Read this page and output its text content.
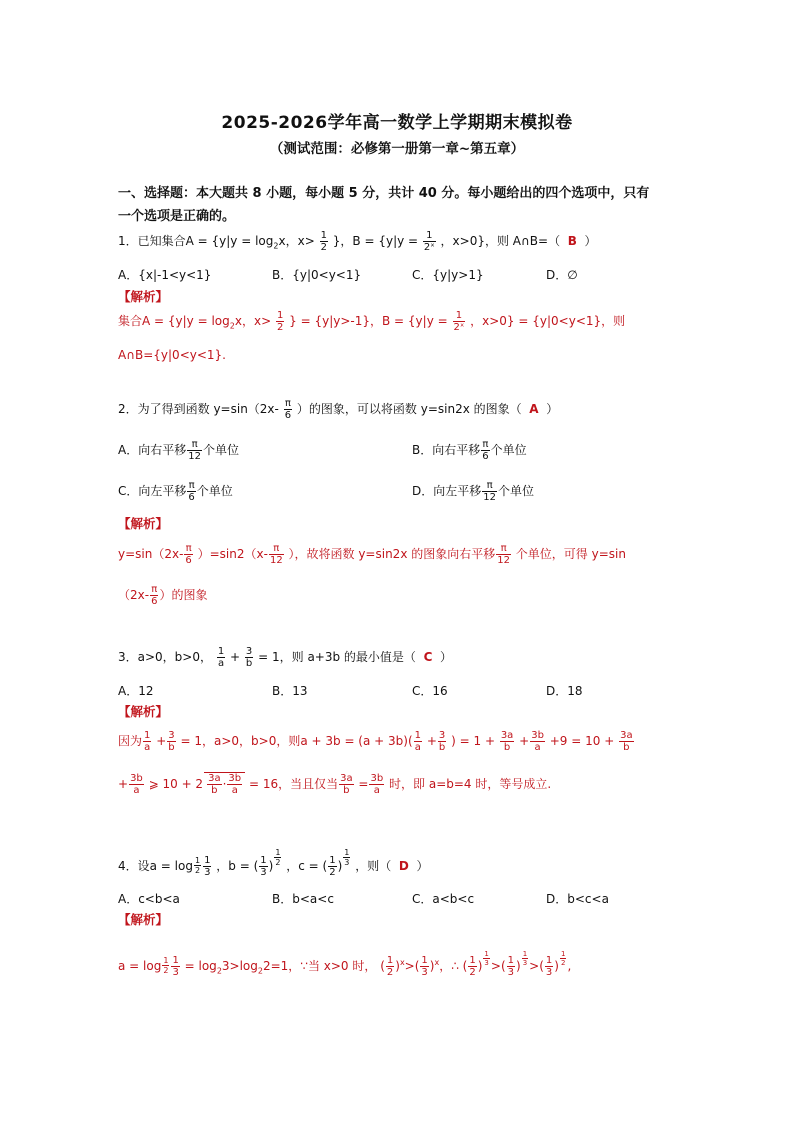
2025-2026学年高一数学上学期期末模拟卷
（测试范围：必修第一册第一章~第五章）
一、选择题：本大题共 8 小题，每小题 5 分，共计 40 分。每小题给出的四个选项中，只有
一个选项是正确的。
1．已知集合$A = \{y|y = \log_2x$，$x> \frac{1}{2}$ }，$B = \{y|y = \frac{1}{\text{2ˣ}}$ ，x>0}，则 A∩B=（ B ）
A．{x|-1<y<1}	B．{y|0<y<1}	C．{y|y>1}	D．∅
【解析】
集合$A = \{y|y = \log_2x$，$x> \frac{1}{2}$ } = {y|y>-1}，$B = \{y|y = \frac{1}{\text{2ˣ}}$ ，x>0} = {y|0<y<1}，则
A∩B={y|0<y<1}.
2．为了得到函数 $y=\sin(2x- \frac{\pi}{6}$ ）的图象，可以将函数 y=sin2x 的图象（ A ）
A．向右平移 $\frac{\pi}{12}$ 个单位	B．向右平移 $\frac{\pi}{6}$ 个单位
C．向左平移 $\frac{\pi}{6}$ 个单位	D．向左平移 $\frac{\pi}{12}$ 个单位
【解析】
$y=\sin(2x- \frac{\pi}{6} )=\sin 2(x- \frac{\pi}{12}$ ），故将函数 y=sin2x 的图象向右平移 $\frac{\pi}{12}$ 个单位，可得 y=sin
（$2x- \frac{\pi}{6}$ ）的图象
3．a>0，b>0， $\frac{1}{a} + \frac{3}{b} = 1$，则 a+3b 的最小值是（ C ）
A．12	B．13	C．16	D．18
【解析】
因为 $\frac{1}{a} + \frac{3}{b} = 1$，a>0，b>0，则$a + 3b = (a + 3b)( \frac{1}{a} + \frac{3}{b}$ ) = $1 + \frac{3a}{b} + \frac{3b}{a} +9 = 10 + \frac{3a}{b}$
+ $\frac{3b}{a}$ ⩾ $10 + 2 \frac{3a}{b} \cdot \frac{3b}{a} = 16$，当且仅当 $\frac{3a}{b} = \frac{3b}{a}$ 时，即 a=b=4 时，等号成立.
4．设$a = \log \frac{1}{2} \frac{1}{3}$ ，b = ( $\frac{1}{3}$ ) $^{\frac{1}{2}}$ ，c = ( $\frac{1}{2}$ ) $^{\frac{1}{3}}$ ，则（ D ）
A．c<b<a	B．b<a<c	C．a<b<c	D．b<c<a
【解析】
$a = \log \frac{1}{2} \frac{1}{3} = \log_23>\log_22=1$，∵当 x>0 时， ( $\frac{1}{2} )^x>( \frac{1}{3} )^x$，∴ ( $\frac{1}{2}$ ) $^{\frac{1}{3}}$ >( $\frac{1}{3}$ ) $^{\frac{1}{3}}$ >( $\frac{1}{3}$ ) $^{\frac{1}{2}}$ ,
